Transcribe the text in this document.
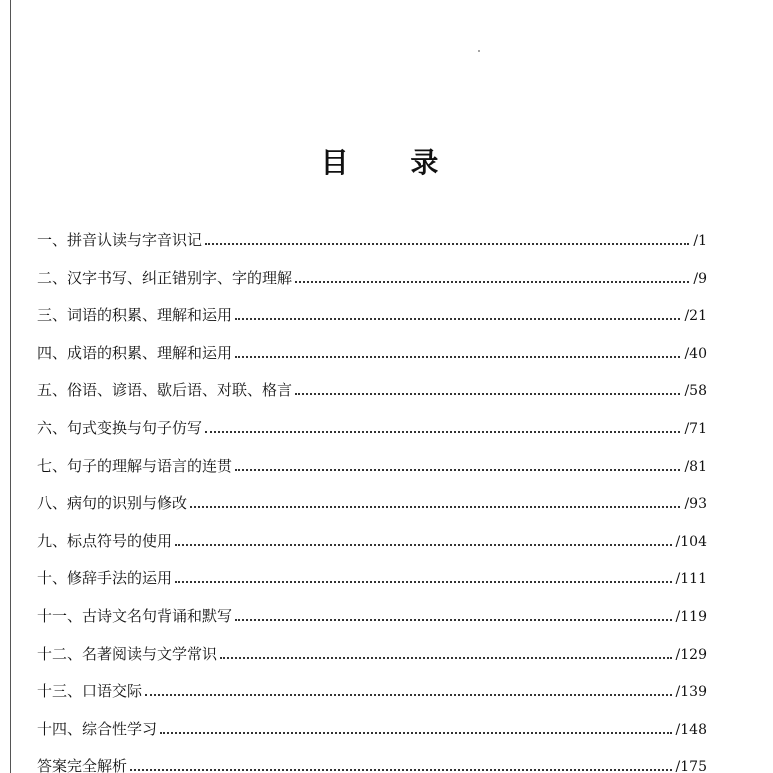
目 录
一、拼音认读与字音识记	/1
二、汉字书写、纠正错别字、字的理解	/9
三、词语的积累、理解和运用	/21
四、成语的积累、理解和运用	/40
五、俗语、谚语、歇后语、对联、格言	/58
六、句式变换与句子仿写	/71
七、句子的理解与语言的连贯	/81
八、病句的识别与修改	/93
九、标点符号的使用	/104
十、修辞手法的运用	/111
十一、古诗文名句背诵和默写	/119
十二、名著阅读与文学常识	/129
十三、口语交际	/139
十四、综合性学习	/148
答案完全解析	/175
